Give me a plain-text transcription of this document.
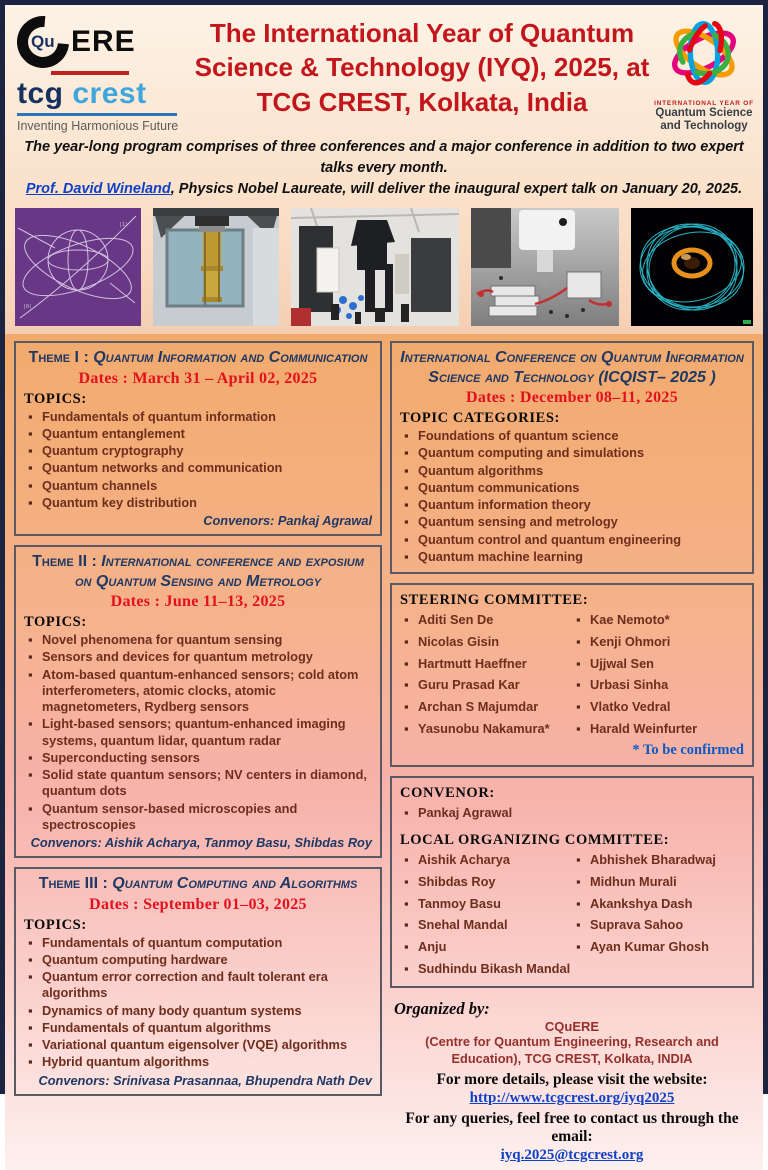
Qu ERE
tcg crest
Inventing Harmonious Future
The International Year of Quantum
Science & Technology (IYQ), 2025, at
TCG CREST, Kolkata, India	INTERNATIONAL YEAR OF
Quantum Science
and Technology
The year-long program comprises of three conferences and a major conference in addition to two expert talks every month.
Prof. David Wineland, Physics Nobel Laureate, will deliver the inaugural expert talk on January 20, 2025.
|0⟩
|1⟩
Theme I : Quantum Information and Communication
Dates : March 31 – April 02, 2025
TOPICS:
▪ Fundamentals of quantum information
▪ Quantum entanglement
▪ Quantum cryptography
▪ Quantum networks and communication
▪ Quantum channels
▪ Quantum key distribution
Convenors: Pankaj Agrawal
Theme II : International conference and exposium on Quantum Sensing and Metrology
Dates : June 11–13, 2025
TOPICS:
▪ Novel phenomena for quantum sensing
▪ Sensors and devices for quantum metrology
▪ Atom-based quantum-enhanced sensors; cold atom interferometers, atomic clocks, atomic magnetometers, Rydberg sensors
▪ Light-based sensors; quantum-enhanced imaging systems, quantum lidar, quantum radar
▪ Superconducting sensors
▪ Solid state quantum sensors; NV centers in diamond, quantum dots
▪ Quantum sensor-based microscopies and spectroscopies
Convenors: Aishik Acharya, Tanmoy Basu, Shibdas Roy
Theme III : Quantum Computing and Algorithms
Dates : September 01–03, 2025
TOPICS:
▪ Fundamentals of quantum computation
▪ Quantum computing hardware
▪ Quantum error correction and fault tolerant era algorithms
▪ Dynamics of many body quantum systems
▪ Fundamentals of quantum algorithms
▪ Variational quantum eigensolver (VQE) algorithms
▪ Hybrid quantum algorithms
Convenors: Srinivasa Prasannaa, Bhupendra Nath Dev
International Conference on Quantum Information Science and Technology (ICQIST– 2025 )
Dates : December 08–11, 2025
TOPIC CATEGORIES:
▪ Foundations of quantum science
▪ Quantum computing and simulations
▪ Quantum algorithms
▪ Quantum communications
▪ Quantum information theory
▪ Quantum sensing and metrology
▪ Quantum control and quantum engineering
▪ Quantum machine learning
STEERING COMMITTEE:
▪ Aditi Sen De
▪ Nicolas Gisin
▪ Hartmutt Haeffner
▪ Guru Prasad Kar
▪ Archan S Majumdar
▪ Yasunobu Nakamura*
▪ Kae Nemoto*
▪ Kenji Ohmori
▪ Ujjwal Sen
▪ Urbasi Sinha
▪ Vlatko Vedral
▪ Harald Weinfurter
* To be confirmed
CONVENOR:
▪ Pankaj Agrawal
LOCAL ORGANIZING COMMITTEE:
▪ Aishik Acharya
▪ Shibdas Roy
▪ Tanmoy Basu
▪ Snehal Mandal
▪ Anju
▪ Sudhindu Bikash Mandal
▪ Abhishek Bharadwaj
▪ Midhun Murali
▪ Akankshya Dash
▪ Suprava Sahoo
▪ Ayan Kumar Ghosh
Organized by:
CQuERE
(Centre for Quantum Engineering, Research and Education), TCG CREST, Kolkata, INDIA
For more details, please visit the website:
http://www.tcgcrest.org/iyq2025
For any queries, feel free to contact us through the email:
iyq.2025@tcgcrest.org
